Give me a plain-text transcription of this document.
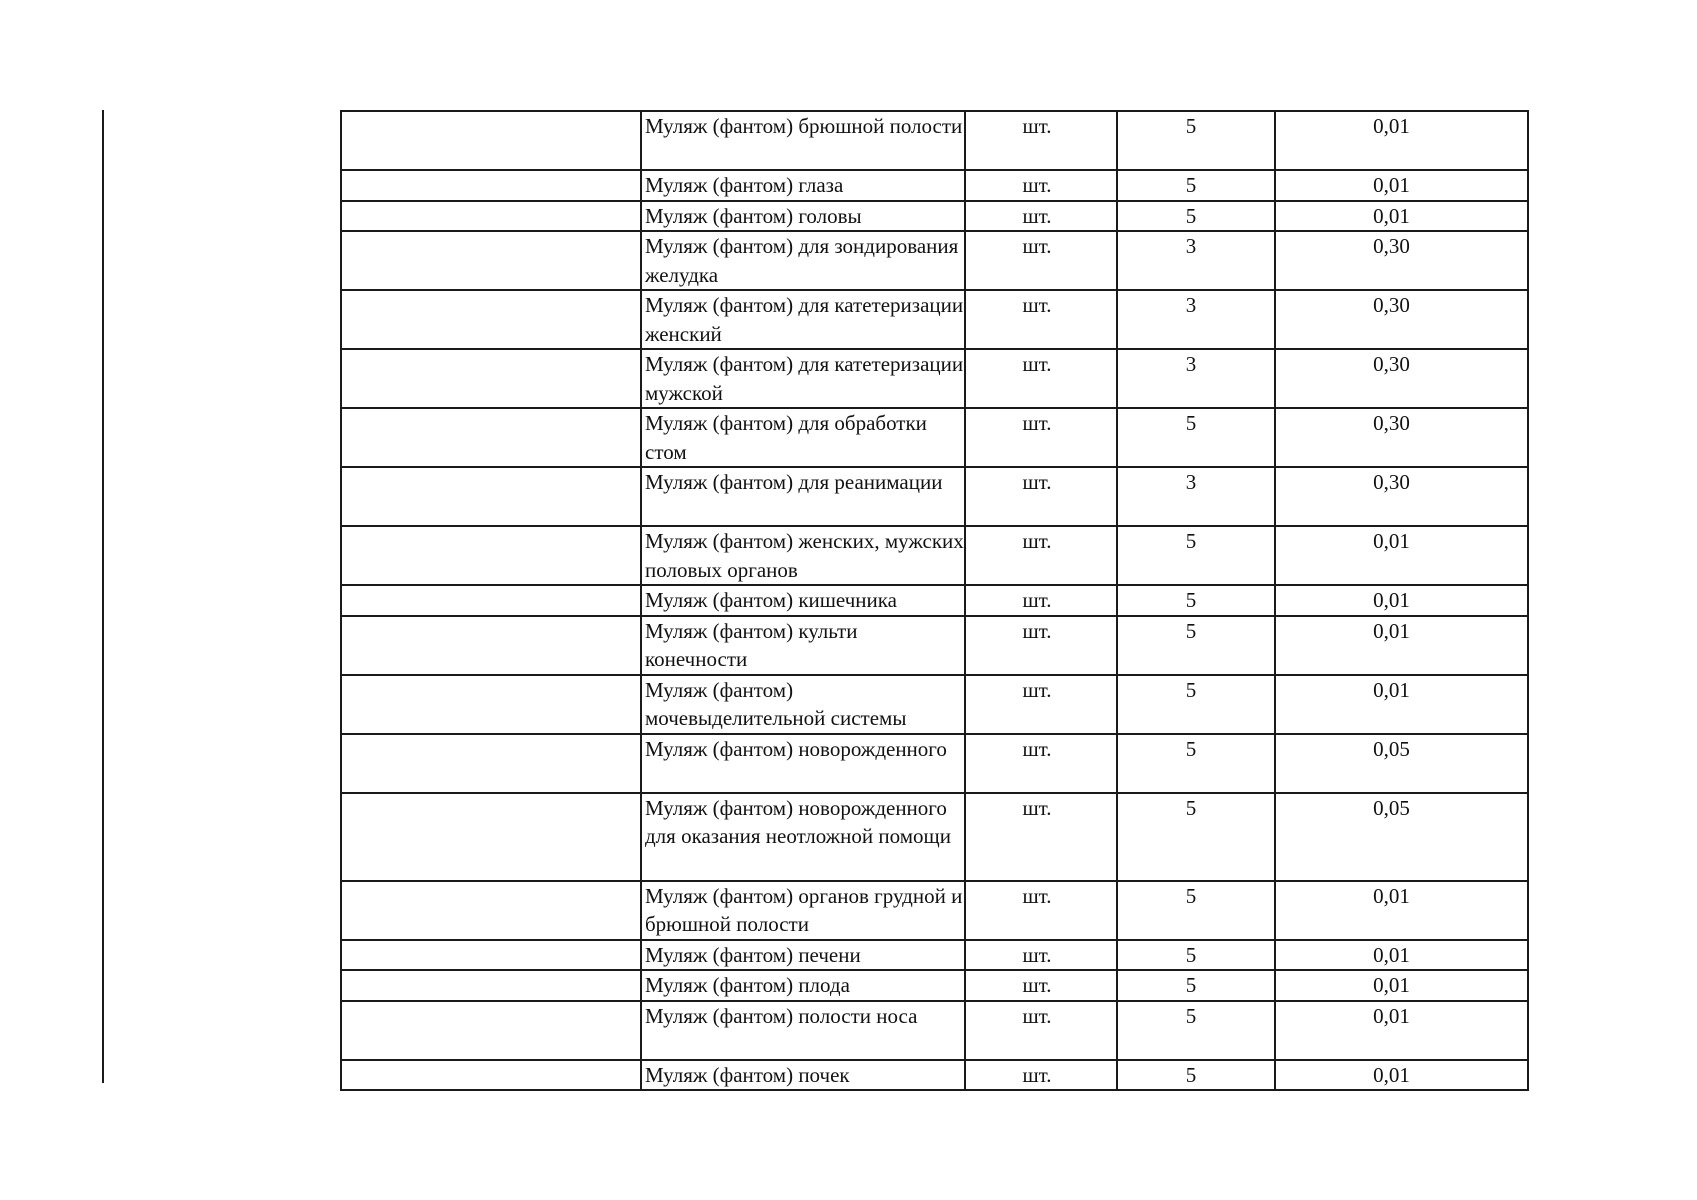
	Муляж (фантом) брюшной полости	шт.	5	0,01
	Муляж (фантом) глаза	шт.	5	0,01
	Муляж (фантом) головы	шт.	5	0,01
	Муляж (фантом) для зондирования желудка	шт.	3	0,30
	Муляж (фантом) для катетеризации женский	шт.	3	0,30
	Муляж (фантом) для катетеризации мужской	шт.	3	0,30
	Муляж (фантом) для обработки стом	шт.	5	0,30
	Муляж (фантом) для реанимации	шт.	3	0,30
	Муляж (фантом) женских, мужских половых органов	шт.	5	0,01
	Муляж (фантом) кишечника	шт.	5	0,01
	Муляж (фантом) культи конечности	шт.	5	0,01
	Муляж (фантом) мочевыделительной системы	шт.	5	0,01
	Муляж (фантом) новорожденного	шт.	5	0,05
	Муляж (фантом) новорожденного для оказания неотложной помощи	шт.	5	0,05
	Муляж (фантом) органов грудной и брюшной полости	шт.	5	0,01
	Муляж (фантом) печени	шт.	5	0,01
	Муляж (фантом) плода	шт.	5	0,01
	Муляж (фантом) полости носа	шт.	5	0,01
	Муляж (фантом) почек	шт.	5	0,01
